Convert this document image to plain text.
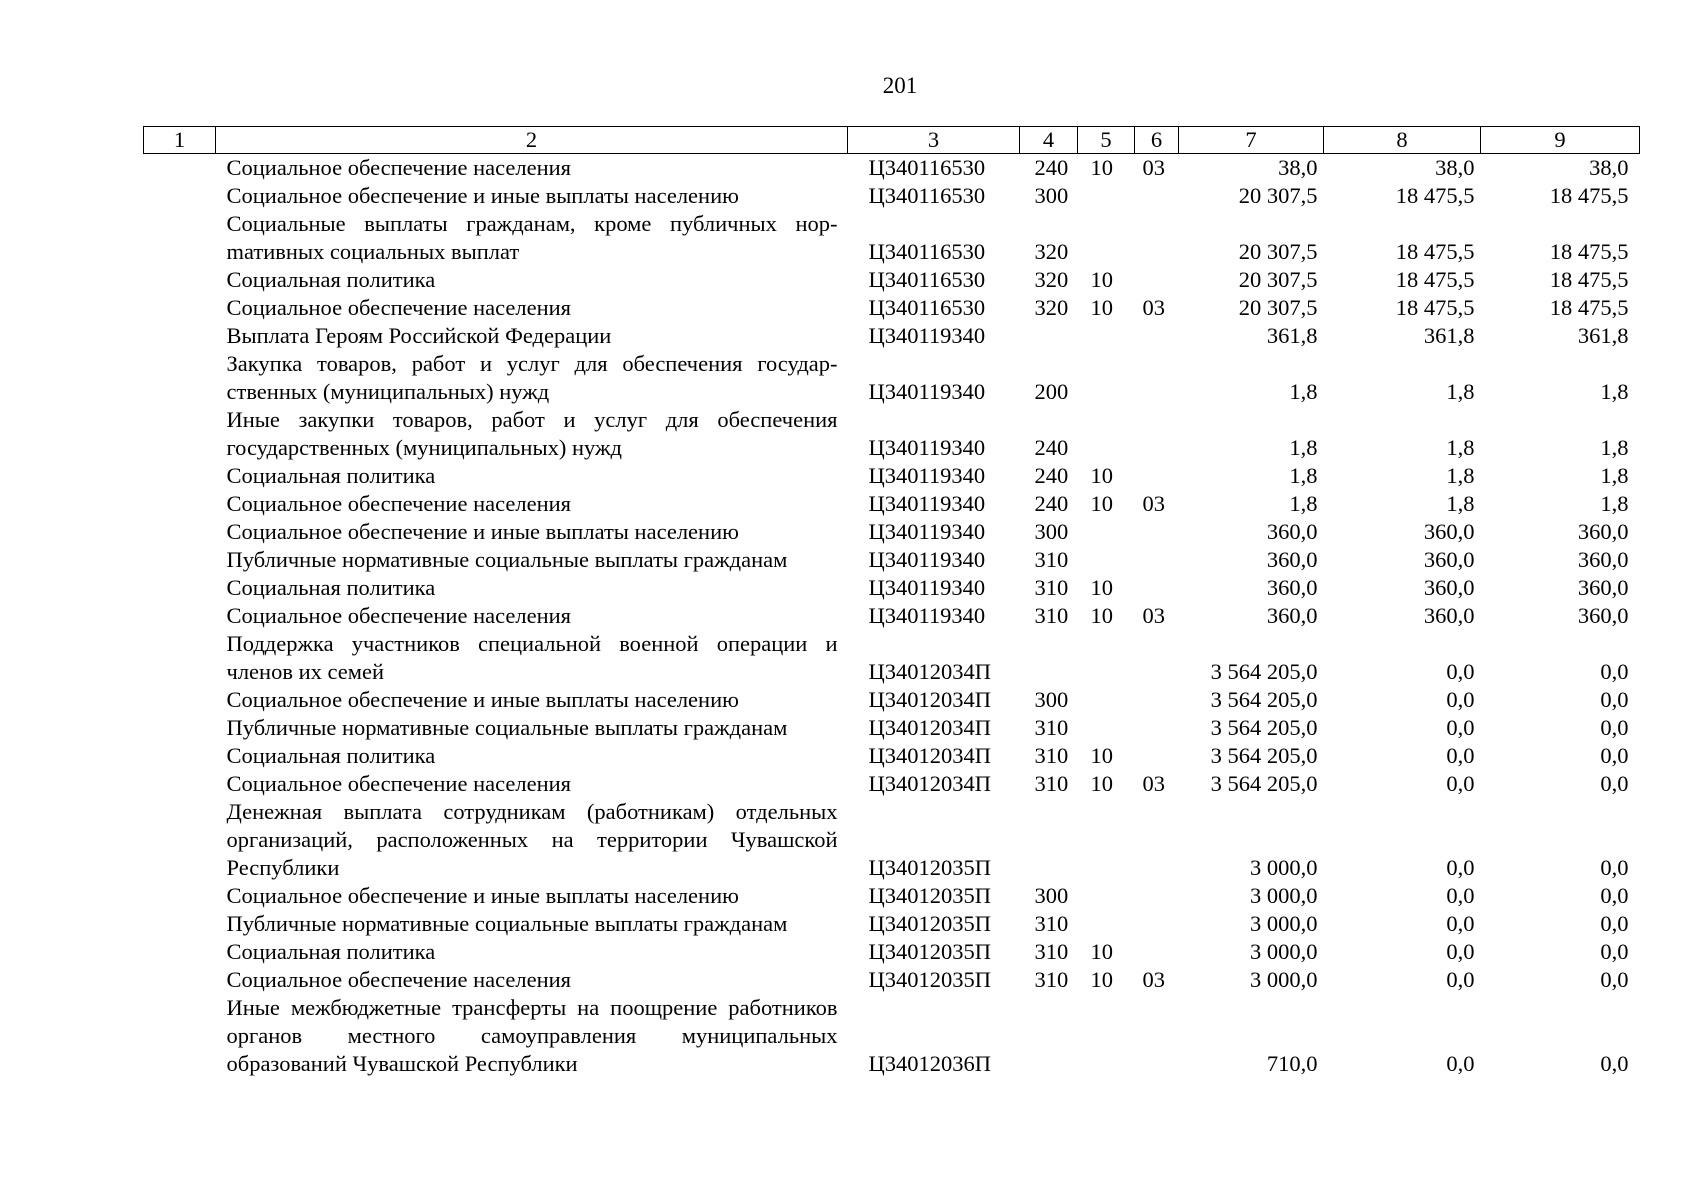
201
1	2	3	4	5	6	7	8	9
	Социальное обеспечение населения	Ц340116530	240	10	03	38,0	38,0	38,0
	Социальное обеспечение и иные выплаты населению	Ц340116530	300			20 307,5	18 475,5	18 475,5
	Социальные выплаты гражданам, кроме публичных норmативных социальных выплат	Ц340116530	320			20 307,5	18 475,5	18 475,5
	Социальная политика	Ц340116530	320	10		20 307,5	18 475,5	18 475,5
	Социальное обеспечение населения	Ц340116530	320	10	03	20 307,5	18 475,5	18 475,5
	Выплата Героям Российской Федерации	Ц340119340				361,8	361,8	361,8
	Закупка товаров, работ и услуг для обеспечения государственных (муниципальных) нужд	Ц340119340	200			1,8	1,8	1,8
	Иные закупки товаров, работ и услуг для обеспечения государственных (муниципальных) нужд	Ц340119340	240			1,8	1,8	1,8
	Социальная политика	Ц340119340	240	10		1,8	1,8	1,8
	Социальное обеспечение населения	Ц340119340	240	10	03	1,8	1,8	1,8
	Социальное обеспечение и иные выплаты населению	Ц340119340	300			360,0	360,0	360,0
	Публичные нормативные социальные выплаты гражданам	Ц340119340	310			360,0	360,0	360,0
	Социальная политика	Ц340119340	310	10		360,0	360,0	360,0
	Социальное обеспечение населения	Ц340119340	310	10	03	360,0	360,0	360,0
	Поддержка участников специальной военной операции и членов их семей	Ц34012034П				3 564 205,0	0,0	0,0
	Социальное обеспечение и иные выплаты населению	Ц34012034П	300			3 564 205,0	0,0	0,0
	Публичные нормативные социальные выплаты гражданам	Ц34012034П	310			3 564 205,0	0,0	0,0
	Социальная политика	Ц34012034П	310	10		3 564 205,0	0,0	0,0
	Социальное обеспечение населения	Ц34012034П	310	10	03	3 564 205,0	0,0	0,0
	Денежная выплата сотрудникам (работникам) отдельных организаций, расположенных на территории Чувашской Республики	Ц34012035П				3 000,0	0,0	0,0
	Социальное обеспечение и иные выплаты населению	Ц34012035П	300			3 000,0	0,0	0,0
	Публичные нормативные социальные выплаты гражданам	Ц34012035П	310			3 000,0	0,0	0,0
	Социальная политика	Ц34012035П	310	10		3 000,0	0,0	0,0
	Социальное обеспечение населения	Ц34012035П	310	10	03	3 000,0	0,0	0,0
	Иные межбюджетные трансферты на поощрение работников органов местного самоуправления муниципальных образований Чувашской Республики	Ц34012036П				710,0	0,0	0,0
